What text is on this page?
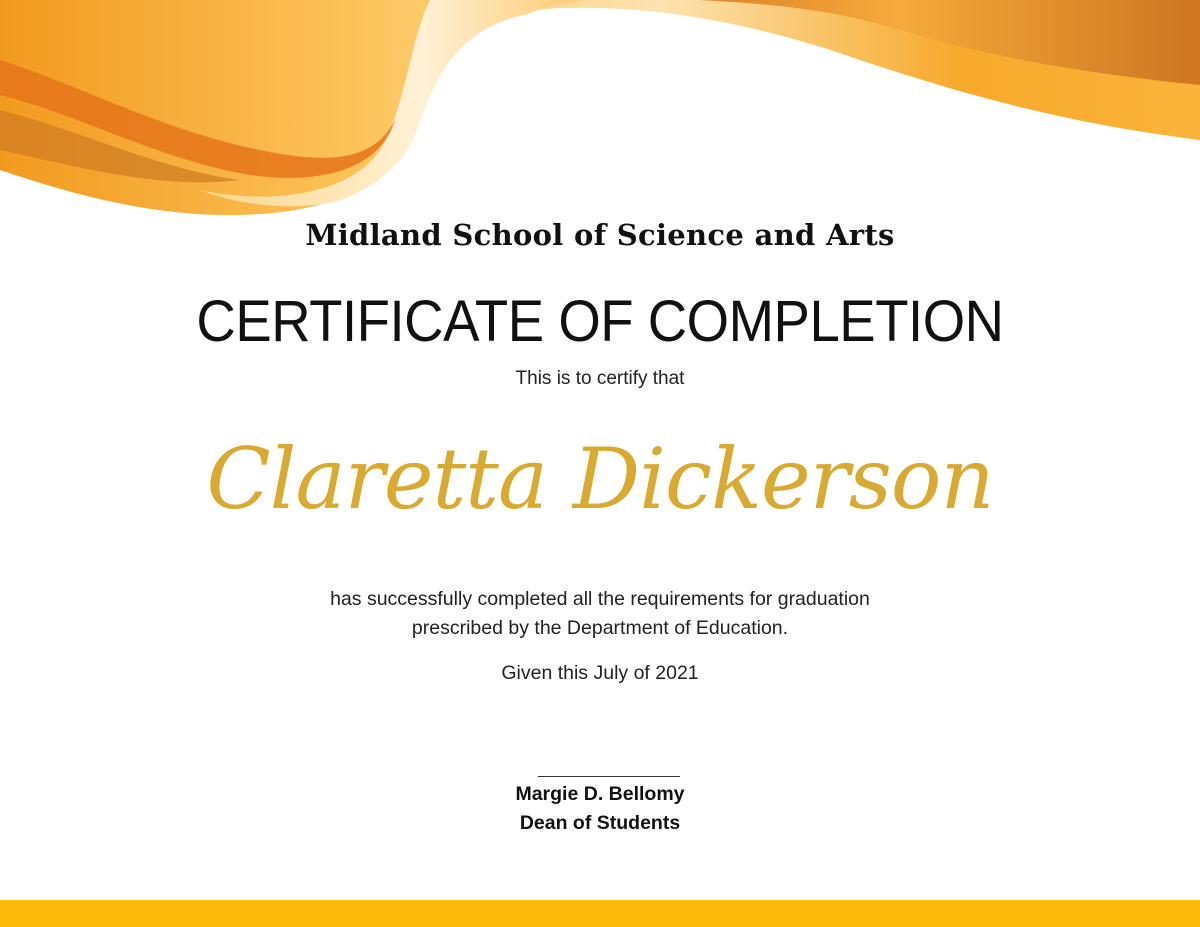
Midland School of Science and Arts
CERTIFICATE OF COMPLETION
This is to certify that
Claretta Dickerson
has successfully completed all the requirements for graduation
prescribed by the Department of Education.
Given this July of 2021
Margie D. Bellomy
Dean of Students
